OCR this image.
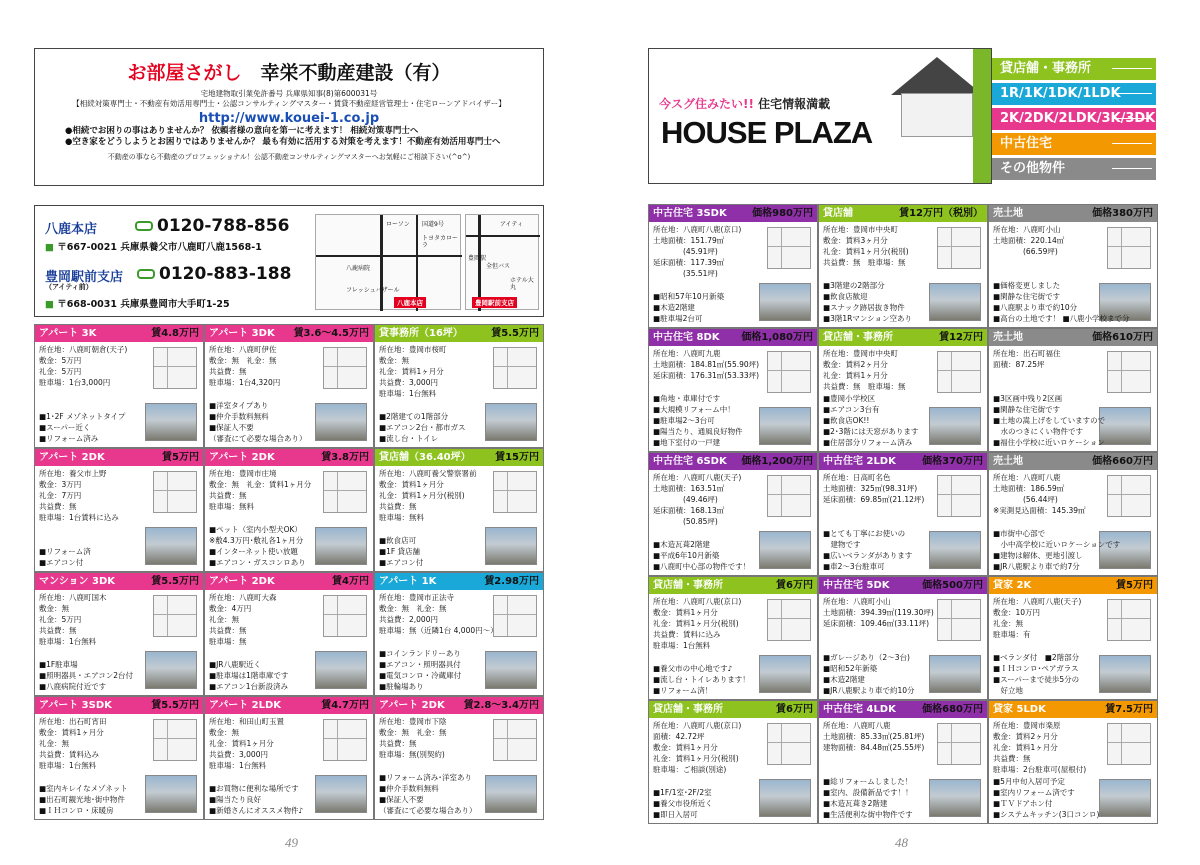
お部屋さがし　 幸栄不動産建設（有）
宅地建物取引業免許番号 兵庫県知事(8)第600031号
【相続対策専門士・不動産有効活用専門士・公認コンサルティングマスター・賃貸不動産経営管理士・住宅ローンアドバイザー】
http://www.kouei-1.co.jp
●相続でお困りの事はありませんか？ 依頼者様の意向を第一に考えます！ 相続対策専門士へ
●空き家をどうしようとお困りではありませんか？ 最も有効に活用する対策を考えます！不動産有効活用専門士へ
不動産の事なら不動産のプロフェッショナル！公認不動産コンサルティングマスターへお気軽にご相談下さい(^o^)
八鹿本店	0120-788-856
■ 〒667-0021 兵庫県養父市八鹿町八鹿1568-1
豊岡駅前支店	0120-883-188
（アイティ前）
■ 〒668-0031 兵庫県豊岡市大手町1-25
ローソン
トヨタカローラ
八鹿病院
フレッシュバザール
国道9号
八鹿本店
アイティ
全但バス
ホテル大丸
豊岡駅
豊岡駅前支店
アパート 3K	賃4.8万円
所在地：八鹿町朝倉(天子)
敷金：5万円
礼金：5万円
駐車場：1台3,000円
■1･2F メゾネットタイプ
■スーパー近く
■リフォーム済み
アパート 3DK 賃3.6～4.5万円
所在地：八鹿町伊佐
敷金：無　礼金：無
共益費：無
駐車場：1台4,320円
■洋室タイプあり
■仲介手数料無料
■保証人不要
（審査にて必要な場合あり）
貸事務所（16坪）	賃5.5万円
所在地：豊岡市桜町
敷金：無
礼金：賃料1ヶ月分
共益費：3,000円
駐車場：1台無料
■2階建ての1階部分
■エアコン2台・都市ガス
■流し台・トイレ
アパート 2DK	賃5万円
所在地：養父市上野
敷金：3万円
礼金：7万円
共益費：無
駐車場：1台賃料に込み
■リフォーム済
■エアコン付
アパート 2DK	賃3.8万円
所在地：豊岡市庄境
敷金：無　礼金：賃料1ヶ月分
共益費：無
駐車場：無料
■ペット（室内小型犬OK）
※敷4.3万円･敷礼各1ヶ月分
■インターネット使い放題
■エアコン・ガスコンロあり
貸店舗（36.40坪） 賃15万円
所在地：八鹿町養父警察署前
敷金：賃料1ヶ月分
礼金：賃料1ヶ月分(税別)
共益費：無
駐車場：無料
■飲食店可
■1F 貸店舗
■エアコン付
マンション 3DK	賃5.5万円
所在地：八鹿町国木
敷金：無
礼金：5万円
共益費：無
駐車場：1台無料
■1F駐車場
■照明器具・エアコン2台付
■八鹿病院付近です
アパート 2DK	賃4万円
所在地：八鹿町大森
敷金：4万円
礼金：無
共益費：無
駐車場：無
■JR八鹿駅近く
■駐車場は1階車庫です
■エアコン1台新設済み
アパート 1K	賃2.98万円
所在地：豊岡市正法寺
敷金：無　礼金：無
共益費：2,000円
駐車場：無（近隣1台 4,000円～）
■コインランドリーあり
■エアコン・照明器具付
■電気コンロ・冷蔵庫付
■駐輪場あり
アパート 3SDK	賃5.5万円
所在地：出石町宵田
敷金：賃料1ヶ月分
礼金：無
共益費：賃料込み
駐車場：1台無料
■室内キレイなメゾネット
■出石町観光地･街中物件
■ＩＨコンロ・床暖房
アパート 2LDK	賃4.7万円
所在地：和田山町玉置
敷金：無
礼金：賃料1ヶ月分
共益費：3,000円
駐車場：1台無料
■お買物に便利な場所です
■陽当たり良好
■新婚さんにオススメ物件♪
アパート 2DK 賃2.8～3.4万円
所在地：豊岡市下陰
敷金：無　礼金：無
共益費：無
駐車場：無(別契約)
■リフォーム済み･洋室あり
■仲介手数料無料
■保証人不要
（審査にて必要な場合あり）
49	48
今スグ住みたい!! 住宅情報満載
HOUSE PLAZA
貸店舗・事務所
1R/1K/1DK/1LDK
2K/2DK/2LDK/3K/3DK
中古住宅
その他物件
中古住宅 3SDK	価格980万円
所在地：八鹿町八鹿(京口)
土地面積：151.79㎡
　　　　(45.91坪)
延床面積：117.39㎡
　　　　(35.51坪)
■昭和57年10月新築
■木造2階建
■駐車場2台可
貸店舗	賃12万円（税別）
所在地：豊岡市中央町
敷金：賃料3ヶ月分
礼金：賃料1ヶ月分(税別)
共益費：無　駐車場：無
■3階建の2階部分
■飲食店歓迎
■スナック跡居抜き物件
■3階1Rマンション空あり
売土地	価格380万円
所在地：八鹿町小山
土地面積：220.14㎡
　　　　(66.59坪)
■価格変更しました
■閑静な住宅街です
■八鹿駅より車で約10分
■高台の土地です！ ■八鹿小学校まで分
中古住宅 8DK 価格1,080万円
所在地：八鹿町九鹿
土地面積：184.81㎡(55.90坪)
延床面積：176.31㎡(53.33坪)
■角地・車庫付です
■大規模リフォーム中！
■駐車場2～3台可
■陽当たり、通風良好物件
■地下室付の一戸建
貸店舗・事務所	賃12万円
所在地：豊岡市中央町
敷金：賃料2ヶ月分
礼金：賃料1ヶ月分
共益費：無　駐車場：無
■豊岡小学校区
■エアコン3台有
■飲食店OK!!
■2･3階には天窓があります
■住居部分リフォーム済み
売土地	価格610万円
所在地：出石町福住
面積：87.25坪
■3区画中残り2区画
■閑静な住宅街です
■土地の嵩上げをしていますので
　水のつきにくい物件です
■福住小学校に近いロケーション
中古住宅 6SDK 価格1,200万円
所在地：八鹿町八鹿(天子)
土地面積：163.51㎡
　　　　(49.46坪)
延床面積：168.13㎡
　　　　(50.85坪)
■木造瓦葺2階建
■平成6年10月新築
■八鹿町中心部の物件です！
中古住宅 2LDK	価格370万円
所在地：日高町名色
土地面積：325㎡(98.31坪)
延床面積：69.85㎡(21.12坪)
■とても丁寧にお使いの
　建物です
■広いベランダがあります
■車2～3台駐車可
売土地	価格660万円
所在地：八鹿町八鹿
土地面積：186.59㎡
　　　　(56.44坪)
※実測見込面積：145.39㎡
■市街中心部で
　小中高学校に近いロケーションです
■建物は解体、更地引渡し
■JR八鹿駅より車で約7分
貸店舗・事務所	賃6万円
所在地：八鹿町八鹿(京口)
敷金：賃料1ヶ月分
礼金：賃料1ヶ月分(税別)
共益費：賃料に込み
駐車場：1台無料
■養父市の中心地です♪
■流し台・トイレあります！
■リフォーム済！
中古住宅 5DK	価格500万円
所在地：八鹿町小山
土地面積：394.39㎡(119.30坪)
延床面積：109.46㎡(33.11坪)
■ガレージあり（2～3台)
■昭和52年新築
■木造2階建
■JR八鹿駅より車で約10分
貸家 2K	賃5万円
所在地：八鹿町八鹿(天子)
敷金：10万円
礼金：無
駐車場：有
■ベランダ付　■2階部分
■ＩＨコンロ･ペアガラス
■スーパーまで徒歩5分の
　好立地
貸店舗・事務所	賃6万円
所在地：八鹿町八鹿(京口)
面積：42.72坪
敷金：賃料1ヶ月分
礼金：賃料1ヶ月分(税別)
駐車場：ご相談(別途)
■1F/1室･2F/2室
■養父市役所近く
■即日入居可
中古住宅 4LDK	価格680万円
所在地：八鹿町八鹿
土地面積：85.33㎡(25.81坪)
建物面積：84.48㎡(25.55坪)
■総リフォームしました！
■室内、設備新品です！！
■木造瓦葺き2階建
■生活便利な街中物件です
貸家 5LDK	賃7.5万円
所在地：豊岡市楽原
敷金：賃料2ヶ月分
礼金：賃料1ヶ月分
共益費：無
駐車場：2台駐車可(屋根付)
■5月中旬入居可予定
■室内リフォーム済です
■ＴＶドアホン付
■システムキッチン(3口コンロ)
